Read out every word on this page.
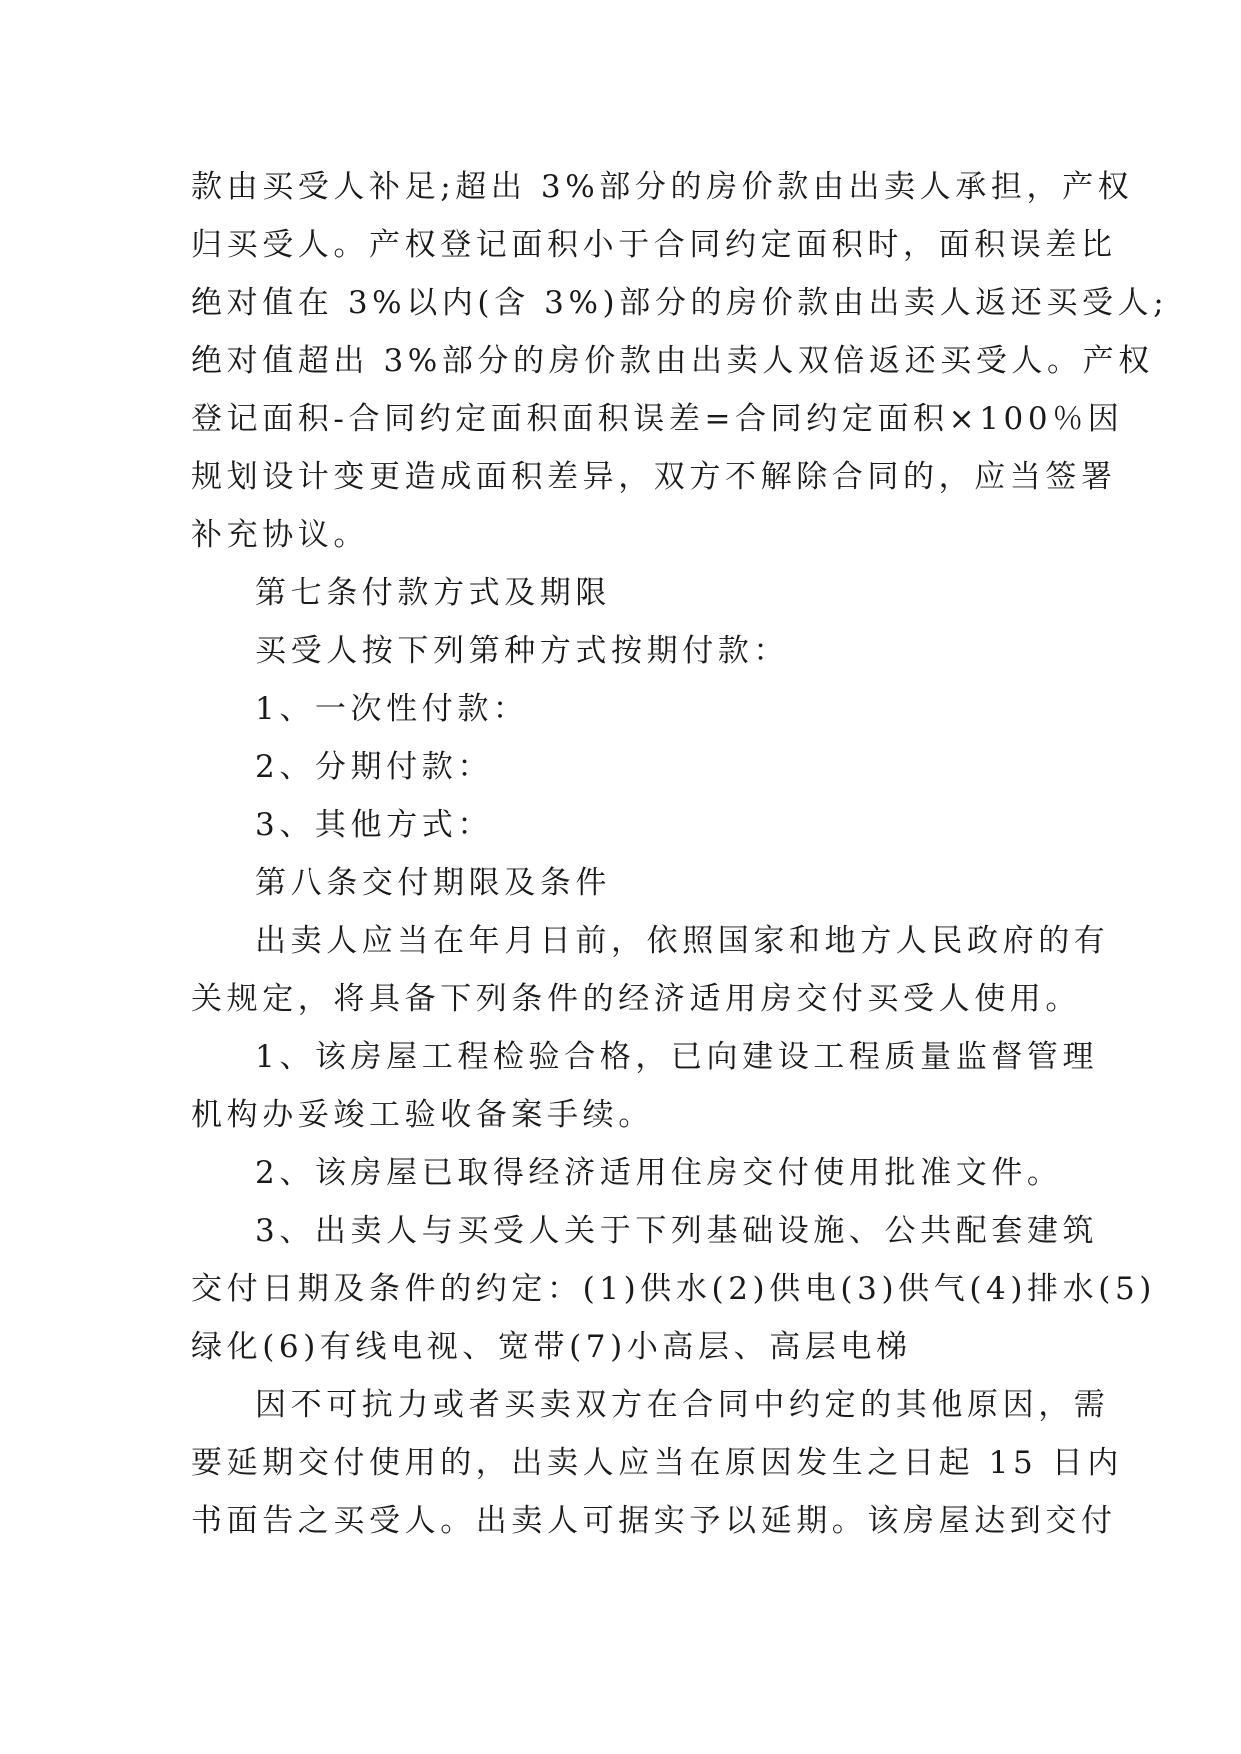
款由买受人补足;超出 3%部分的房价款由出卖人承担，产权
归买受人。产权登记面积小于合同约定面积时，面积误差比
绝对值在 3%以内(含 3%)部分的房价款由出卖人返还买受人;
绝对值超出 3%部分的房价款由出卖人双倍返还买受人。产权
登记面积-合同约定面积面积误差=合同约定面积×100％因
规划设计变更造成面积差异，双方不解除合同的，应当签署
补充协议。
第七条付款方式及期限
买受人按下列第种方式按期付款：
1、一次性付款：
2、分期付款：
3、其他方式：
第八条交付期限及条件
出卖人应当在年月日前，依照国家和地方人民政府的有
关规定，将具备下列条件的经济适用房交付买受人使用。
1、该房屋工程检验合格，已向建设工程质量监督管理
机构办妥竣工验收备案手续。
2、该房屋已取得经济适用住房交付使用批准文件。
3、出卖人与买受人关于下列基础设施、公共配套建筑
交付日期及条件的约定：(1)供水(2)供电(3)供气(4)排水(5)
绿化(6)有线电视、宽带(7)小高层、高层电梯
因不可抗力或者买卖双方在合同中约定的其他原因，需
要延期交付使用的，出卖人应当在原因发生之日起 15 日内
书面告之买受人。出卖人可据实予以延期。该房屋达到交付
